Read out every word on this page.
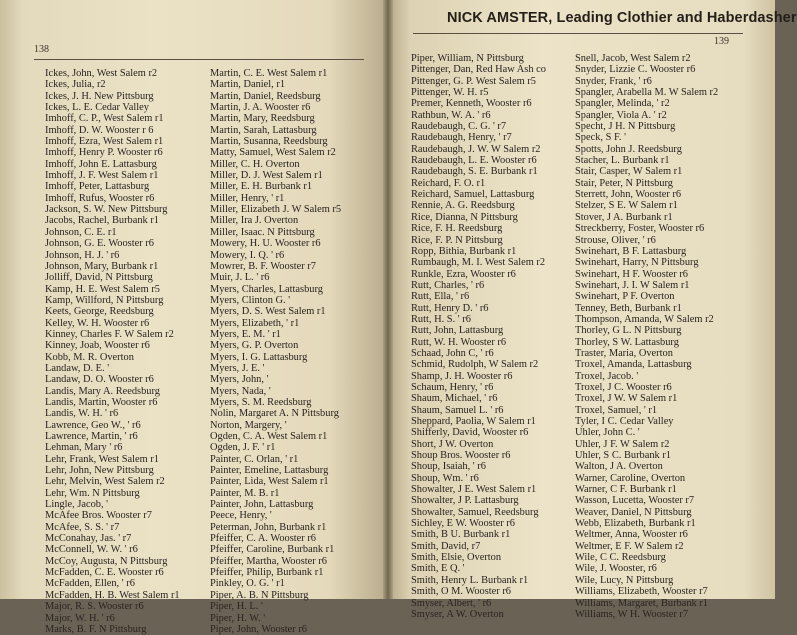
138
Ickes, John, West Salem r2
Ickes, Julia, r2
Ickes, J. H. New Pittsburg
Ickes, L. E. Cedar Valley
Imhoff, C. P., West Salem r1
Imhoff, D. W. Wooster r 6
Imhoff, Ezra, West Salem r1
Imhoff, Henry P. Wooster r6
Imhoff, John E. Lattasburg
Imhoff, J. F. West Salem r1
Imhoff, Peter, Lattasburg
Imhoff, Rufus, Wooster r6
Jackson, S. W. New Pittsburg
Jacobs, Rachel, Burbank r1
Johnson, C. E. r1
Johnson, G. E. Wooster r6
Johnson, H. J. ' r6
Johnson, Mary, Burbank r1
Jolliff, David, N Pittsburg
Kamp, H. E. West Salem r5
Kamp, Willford, N Pittsburg
Keets, George, Reedsburg
Kelley, W. H. Wooster r6
Kinney, Charles F. W Salem r2
Kinney, Joab, Wooster r6
Kobb, M. R. Overton
Landaw, D. E. '
Landaw, D. O. Wooster r6
Landis, Mary A. Reedsburg
Landis, Martin, Wooster r6
Landis, W. H. ' r6
Lawrence, Geo W., ' r6
Lawrence, Martin, ' r6
Lehman, Mary ' r6
Lehr, Frank, West Salem r1
Lehr, John, New Pittsburg
Lehr, Melvin, West Salem r2
Lehr, Wm. N Pittsburg
Lingle, Jacob, '
McAfee Bros. Wooster r7
McAfee, S. S. ' r7
McConahay, Jas. ' r7
McConnell, W. W. ' r6
McCoy, Augusta, N Pittsburg
McFadden, C. E. Wooster r6
McFadden, Ellen, ' r6
McFadden, H. B. West Salem r1
Major, R. S. Wooster r6
Major, W. H. ' r6
Marks, B. F. N Pittsburg
Martin, C. E. West Salem r1
Martin, Daniel, r1
Martin, Daniel, Reedsburg
Martin, J. A. Wooster r6
Martin, Mary, Reedsburg
Martin, Sarah, Lattasburg
Martin, Susanna, Reedsburg
Matty, Samuel, West Salem r2
Miller, C. H. Overton
Miller, D. J. West Salem r1
Miller, E. H. Burbank r1
Miller, Henry, ' r1
Miller, Elizabeth J. W Salem r5
Miller, Ira J. Overton
Miller, Isaac. N Pittsburg
Mowery, H. U. Wooster r6
Mowery, I. Q. ' r6
Mowrer, B. F. Wooster r7
Muir, J. L. ' r6
Myers, Charles, Lattasburg
Myers, Clinton G. '
Myers, D. S. West Salem r1
Myers, Elizabeth, ' r1
Myers, E. M. ' r1
Myers, G. P. Overton
Myers, I. G. Lattasburg
Myers, J. E. '
Myers, John, '
Myers, Nada, '
Myers, S. M. Reedsburg
Nolin, Margaret A. N Pittsburg
Norton, Margery, '
Ogden, C. A. West Salem r1
Ogden, J. F. ' r1
Painter, C. Orlan, ' r1
Painter, Emeline, Lattasburg
Painter, Lida, West Salem r1
Painter, M. B. r1
Painter, John, Lattasburg
Peece, Henry, '
Peterman, John, Burbank r1
Pfeiffer, C. A. Wooster r6
Pfeiffer, Caroline, Burbank r1
Pfeiffer, Martha, Wooster r6
Pfeiffer, Philip, Burbank r1
Pinkley, O. G. ' r1
Piper, A. B. N Pittsburg
Piper, H. L. '
Piper, H. W. '
Piper, John, Wooster r6
NICK AMSTER, Leading Clothier and Haberdasher
139
Piper, William, N Pittsburg
Pittenger, Dan, Red Haw Ash co
Pittenger, G. P. West Salem r5
Pittenger, W. H. r5
Premer, Kenneth, Wooster r6
Rathbun, W. A. ' r6
Raudebaugh, C. G. ' r7
Raudebaugh, Henry, ' r7
Raudebaugh, J. W. W Salem r2
Raudebaugh, L. E. Wooster r6
Raudebaugh, S. E. Burbank r1
Reichard, F. O. r1
Reichard, Samuel, Lattasburg
Rennie, A. G. Reedsburg
Rice, Dianna, N Pittsburg
Rice, F. H. Reedsburg
Rice, F. P. N Pittsburg
Ropp, Bithia, Burbank r1
Rumbaugh, M. I. West Salem r2
Runkle, Ezra, Wooster r6
Rutt, Charles, ' r6
Rutt, Ella, ' r6
Rutt, Henry D. ' r6
Rutt, H. S. ' r6
Rutt, John, Lattasburg
Rutt, W. H. Wooster r6
Schaad, John C, ' r6
Schmid, Rudolph, W Salem r2
Shamp, J. H. Wooster r6
Schaum, Henry, ' r6
Shaum, Michael, ' r6
Shaum, Samuel L. ' r6
Sheppard, Paolia, W Salem r1
Shifferly, David, Wooster r6
Short, J W. Overton
Shoup Bros. Wooster r6
Shoup, Isaiah, ' r6
Shoup, Wm. ' r6
Showalter, J E. West Salem r1
Showalter, J P. Lattasburg
Showalter, Samuel, Reedsburg
Sichley, E W. Wooster r6
Smith, B U. Burbank r1
Smith, David, r7
Smith, Elsie, Overton
Smith, E Q. '
Smith, Henry L. Burbank r1
Smith, O M. Wooster r6
Smyser, Albert, ' r6
Smyser, A W. Overton
Snell, Jacob, West Salem r2
Snyder, Lizzie C. Wooster r6
Snyder, Frank, ' r6
Spangler, Arabella M. W Salem r2
Spangler, Melinda, ' r2
Spangler, Viola A. ' r2
Specht, J H. N Pittsburg
Speck, S F. '
Spotts, John J. Reedsburg
Stacher, L. Burbank r1
Stair, Casper, W Salem r1
Stair, Peter, N Pittsburg
Sterrett, John, Wooster r6
Stelzer, S E. W Salem r1
Stover, J A. Burbank r1
Streckberry, Foster, Wooster r6
Strouse, Oliver, ' r6
Swinehart, B F. Lattasburg
Swinehart, Harry, N Pittsburg
Swinehart, H F. Wooster r6
Swinehart, J. I. W Salem r1
Swinehart, P F. Overton
Tenney, Beth, Burbank r1
Thompson, Amanda, W Salem r2
Thorley, G L. N Pittsburg
Thorley, S W. Lattasburg
Traster, Maria, Overton
Troxel, Amanda, Lattasburg
Troxel, Jacob. '
Troxel, J C. Wooster r6
Troxel, J W. W Salem r1
Troxel, Samuel, ' r1
Tyler, I C. Cedar Valley
Uhler, John C. '
Uhler, J F. W Salem r2
Uhler, S C. Burbank r1
Walton, J A. Overton
Warner, Caroline, Overton
Warner, C F. Burbank r1
Wasson, Lucetta, Wooster r7
Weaver, Daniel, N Pittsburg
Webb, Elizabeth, Burbank r1
Weltmer, Anna, Wooster r6
Weltmer, E F. W Salem r2
Wile, C C. Reedsburg
Wile, J. Wooster, r6
Wile, Lucy, N Pittsburg
Williams, Elizabeth, Wooster r7
Williams, Margaret, Burbank r1
Williams, W H. Wooster r7
